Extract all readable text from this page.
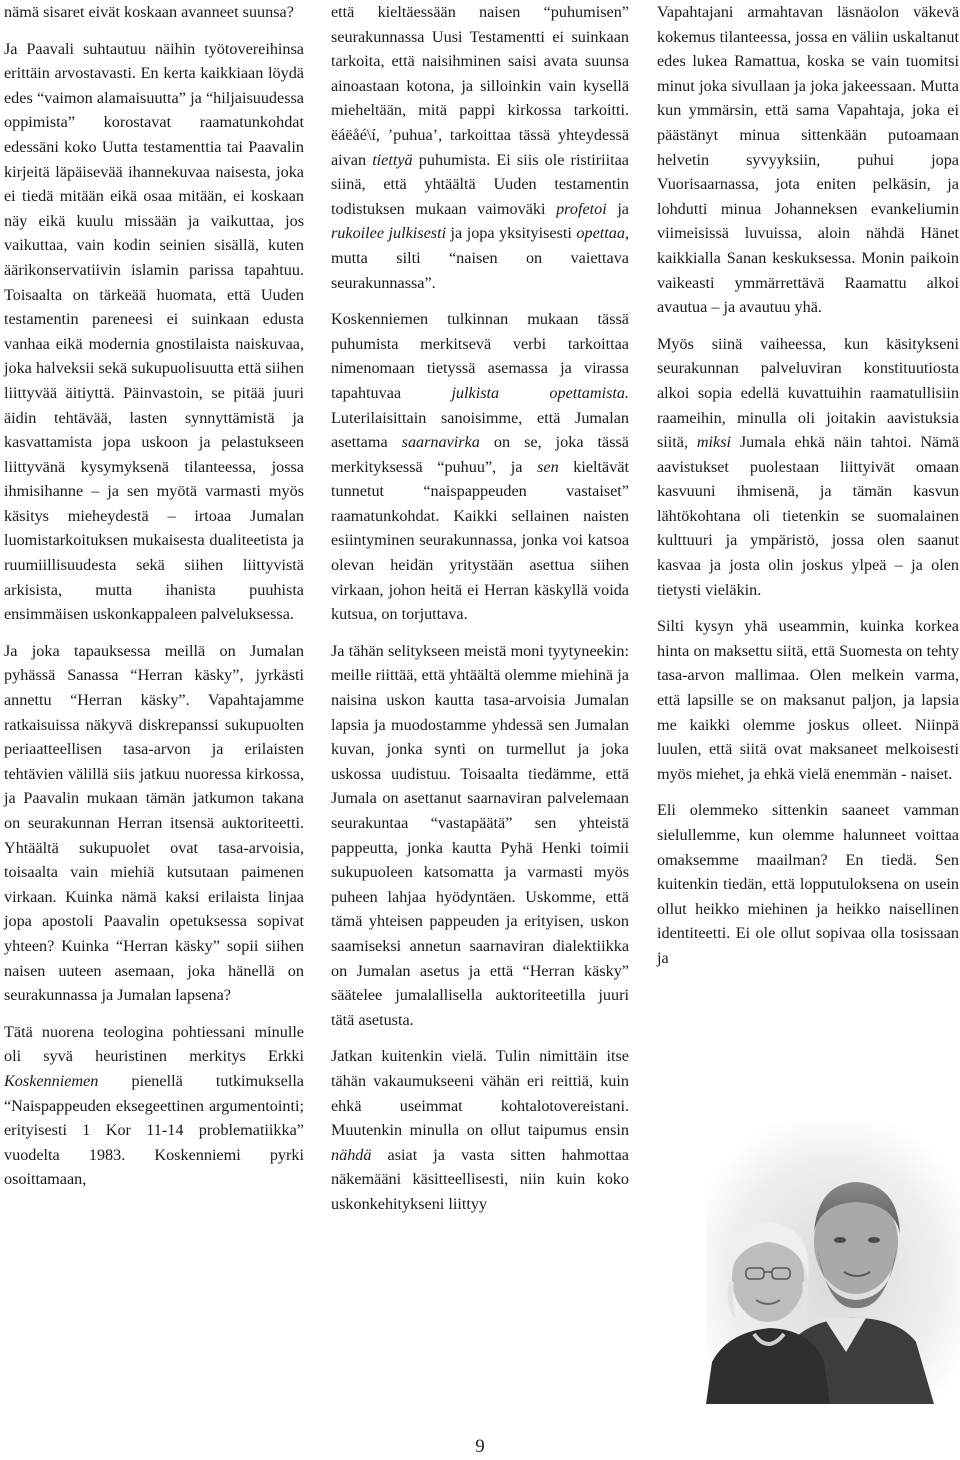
nämä sisaret eivät koskaan avanneet suunsa?

Ja Paavali suhtautuu näihin työtovereihinsa erittäin arvostavasti. En kerta kaikkiaan löydä edes “vaimon alamaisuutta” ja “hiljaisuudessa oppimista” korostavat raamatunkohdat edessäni koko Uutta testamenttia tai Paavalin kirjeitä läpäisevää ihannekuvaa naisesta, joka ei tiedä mitään eikä osaa mitään, ei koskaan näy eikä kuulu missään ja vaikuttaa, jos vaikuttaa, vain kodin seinien sisällä, kuten äärikonservatiivin islamin parissa tapahtuu. Toisaalta on tärkeää huomata, että Uuden testamentin pareneesi ei suinkaan edusta vanhaa eikä modernia gnostilaista naiskuvaa, joka halveksii sekä sukupuolisuutta että siihen liittyvää äitiyttä. Päinvastoin, se pitää juuri äidin tehtävää, lasten synnyttämistä ja kasvattamista jopa uskoon ja pelastukseen liittyvänä kysymyksenä tilanteessa, jossa ihmisihanne – ja sen myötä varmasti myös käsitys mieheydestä – irtoaa Jumalan luomistarkoituksen mukaisesta dualiteetista ja ruumiillisuudesta sekä siihen liittyvistä arkisista, mutta ihanista puuhista ensimmäisen uskonkappaleen palveluksessa.

Ja joka tapauksessa meillä on Jumalan pyhässä Sanassa “Herran käsky”, jyrkästi annettu “Herran käsky”. Vapahtajamme ratkaisuissa näkyvä diskrepanssi sukupuolten periaatteellisen tasa-arvon ja erilaisten tehtävien välillä siis jatkuu nuoressa kirkossa, ja Paavalin mukaan tämän jatkumon takana on seurakunnan Herran itsensä auktoriteetti. Yhtäältä sukupuolet ovat tasa-arvoisia, toisaalta vain miehiä kutsutaan paimenen virkaan. Kuinka nämä kaksi erilaista linjaa jopa apostoli Paavalin opetuksessa sopivat yhteen? Kuinka “Herran käsky” sopii siihen naisen uuteen asemaan, joka hänellä on seurakunnassa ja Jumalan lapsena?

Tätä nuorena teologina pohtiessani minulle oli syvä heuristinen merkitys Erkki Koskenniemen pienellä tutkimuksella “Naispappeuden eksegeettinen argumentointi; erityisesti 1 Kor 11-14 problematiikka” vuodelta 1983. Koskenniemi pyrki osoittamaan,

että kieltäessään naisen “puhumisen” seurakunnassa Uusi Testamentti ei suinkaan tarkoita, että naisihminen saisi avata suunsa ainoastaan kotona, ja silloinkin vain kysellä mieheltään, mitä pappi kirkossa tarkoitti. ëáëåé\í, ’puhua’, tarkoittaa tässä yhteydessä aivan tiettyä puhumista. Ei siis ole ristiriitaa siinä, että yhtäältä Uuden testamentin todistuksen mukaan vaimoväki profetoi ja rukoilee julkisesti ja jopa yksityisesti opettaa, mutta silti “naisen on vaiettava seurakunnassa”.

Koskenniemen tulkinnan mukaan tässä puhumista merkitsevä verbi tarkoittaa nimenomaan tietyssä asemassa ja virassa tapahtuvaa julkista opettamista. Luterilaisittain sanoisimme, että Jumalan asettama saarnavirka on se, joka tässä merkityksessä “puhuu”, ja sen kieltävät tunnetut “naispappeuden vastaiset” raamatunkohdat. Kaikki sellainen naisten esiintyminen seurakunnassa, jonka voi katsoa olevan heidän yritystään asettua siihen virkaan, johon heitä ei Herran käskyllä voida kutsua, on torjuttava.

Ja tähän selitykseen meistä moni tyytyneekin: meille riittää, että yhtäältä olemme miehinä ja naisina uskon kautta tasa-arvoisia Jumalan lapsia ja muodostamme yhdessä sen Jumalan kuvan, jonka synti on turmellut ja joka uskossa uudistuu. Toisaalta tiedämme, että Jumala on asettanut saarnaviran palvelemaan seurakuntaa “vastapäätä” sen yhteistä pappeutta, jonka kautta Pyhä Henki toimii sukupuoleen katsomatta ja varmasti myös puheen lahjaa hyödyntäen. Uskomme, että tämä yhteisen pappeuden ja erityisen, uskon saamiseksi annetun saarnaviran dialektiikka on Jumalan asetus ja että “Herran käsky” säätelee jumalallisella auktoriteetilla juuri tätä asetusta.

Jatkan kuitenkin vielä. Tulin nimittäin itse tähän vakaumukseeni vähän eri reittiä, kuin ehkä useimmat kohtalotovereistani. Muutenkin minulla on ollut taipumus ensin nähdä asiat ja vasta sitten hahmottaa näkemääni käsitteellisesti, niin kuin koko uskonkehitykseni liittyy

Vapahtajani armahtavan läsnäolon väkevä kokemus tilanteessa, jossa en väliin uskaltanut edes lukea Ramattua, koska se vain tuomitsi minut joka sivullaan ja joka jakeessaan. Mutta kun ymmärsin, että sama Vapahtaja, joka ei päästänyt minua sittenkään putoamaan helvetin syvyyksiin, puhui jopa Vuorisaarnassa, jota eniten pelkäsin, ja lohdutti minua Johanneksen evankeliumin viimeisissä luvuissa, aloin nähdä Hänet kaikkialla Sanan keskuksessa. Monin paikoin vaikeasti ymmärrettävä Raamattu alkoi avautua – ja avautuu yhä.

Myös siinä vaiheessa, kun käsitykseni seurakunnan palveluviran konstituutiosta alkoi sopia edellä kuvattuihin raamatullisiin raameihin, minulla oli joitakin aavistuksia siitä, miksi Jumala ehkä näin tahtoi. Nämä aavistukset puolestaan liittyivät omaan kasvuuni ihmisenä, ja tämän kasvun lähtökohtana oli tietenkin se suomalainen kulttuuri ja ympäristö, jossa olen saanut kasvaa ja josta olin joskus ylpeä – ja olen tietysti vieläkin.

Silti kysyn yhä useammin, kuinka korkea hinta on maksettu siitä, että Suomesta on tehty tasa-arvon mallimaa. Olen melkein varma, että lapsille se on maksanut paljon, ja lapsia me kaikki olemme joskus olleet. Niinpä luulen, että siitä ovat maksaneet melkoisesti myös miehet, ja ehkä vielä enemmän - naiset.

Eli olemmeko sittenkin saaneet vamman sielullemme, kun olemme halunneet voittaa omaksemme maailman? En tiedä. Sen kuitenkin tiedän, että lopputuloksena on usein ollut heikko miehinen ja heikko naisellinen identiteetti. Ei ole ollut sopivaa olla tosissaan ja

9
